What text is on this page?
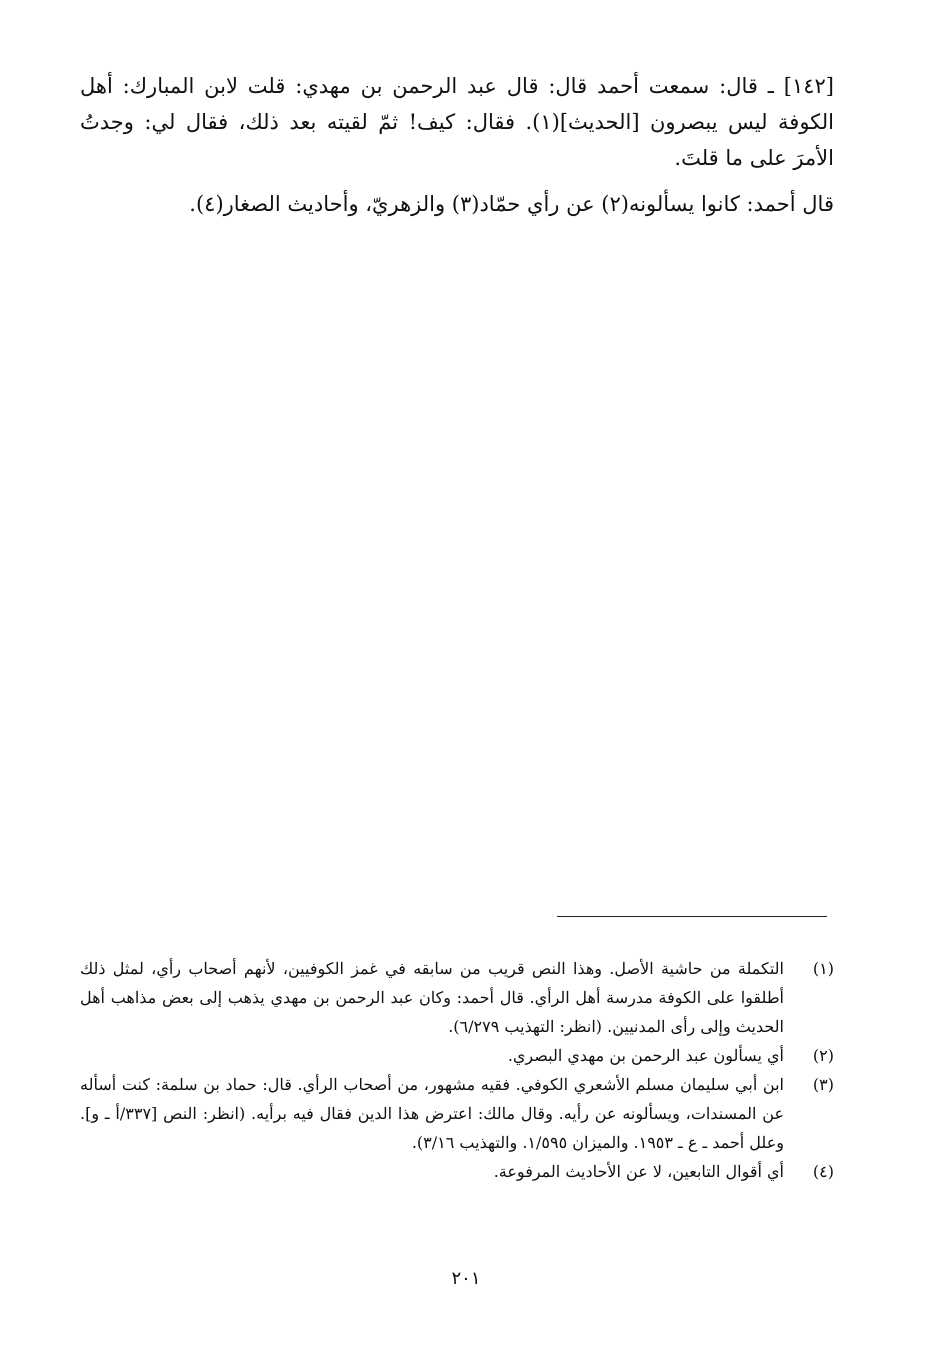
[١٤٢] ـ قال: سمعت أحمد قال: قال عبد الرحمن بن مهدي: قلت لابن المبارك: أهل الكوفة ليس يبصرون [الحديث](١). فقال: كيف! ثمّ لقيته بعد ذلك، فقال لي: وجدتُ الأمرَ على ما قلتَ.

قال أحمد: كانوا يسألونه(٢) عن رأي حمّاد(٣) والزهريّ، وأحاديث الصغار(٤).

(١)
التكملة من حاشية الأصل. وهذا النص قريب من سابقه في غمز الكوفيين، لأنهم أصحاب رأي، لمثل ذلك أطلقوا على الكوفة مدرسة أهل الرأي. قال أحمد: وكان عبد الرحمن بن مهدي يذهب إلى بعض مذاهب أهل الحديث وإلى رأى المدنيين. (انظر: التهذيب ٦/٢٧٩).
(٢)
أي يسألون عبد الرحمن بن مهدي البصري.
(٣)
ابن أبي سليمان مسلم الأشعري الكوفي. فقيه مشهور، من أصحاب الرأي. قال: حماد بن سلمة: كنت أسأله عن المسندات، ويسألونه عن رأيه. وقال مالك: اعترض هذا الدين فقال فيه برأيه. (انظر: النص [٣٣٧/أ ـ و]. وعلل أحمد ـ ع ـ ١٩٥٣. والميزان ١/٥٩٥. والتهذيب ٣/١٦).
(٤)
أي أقوال التابعين، لا عن الأحاديث المرفوعة.
٢٠١
